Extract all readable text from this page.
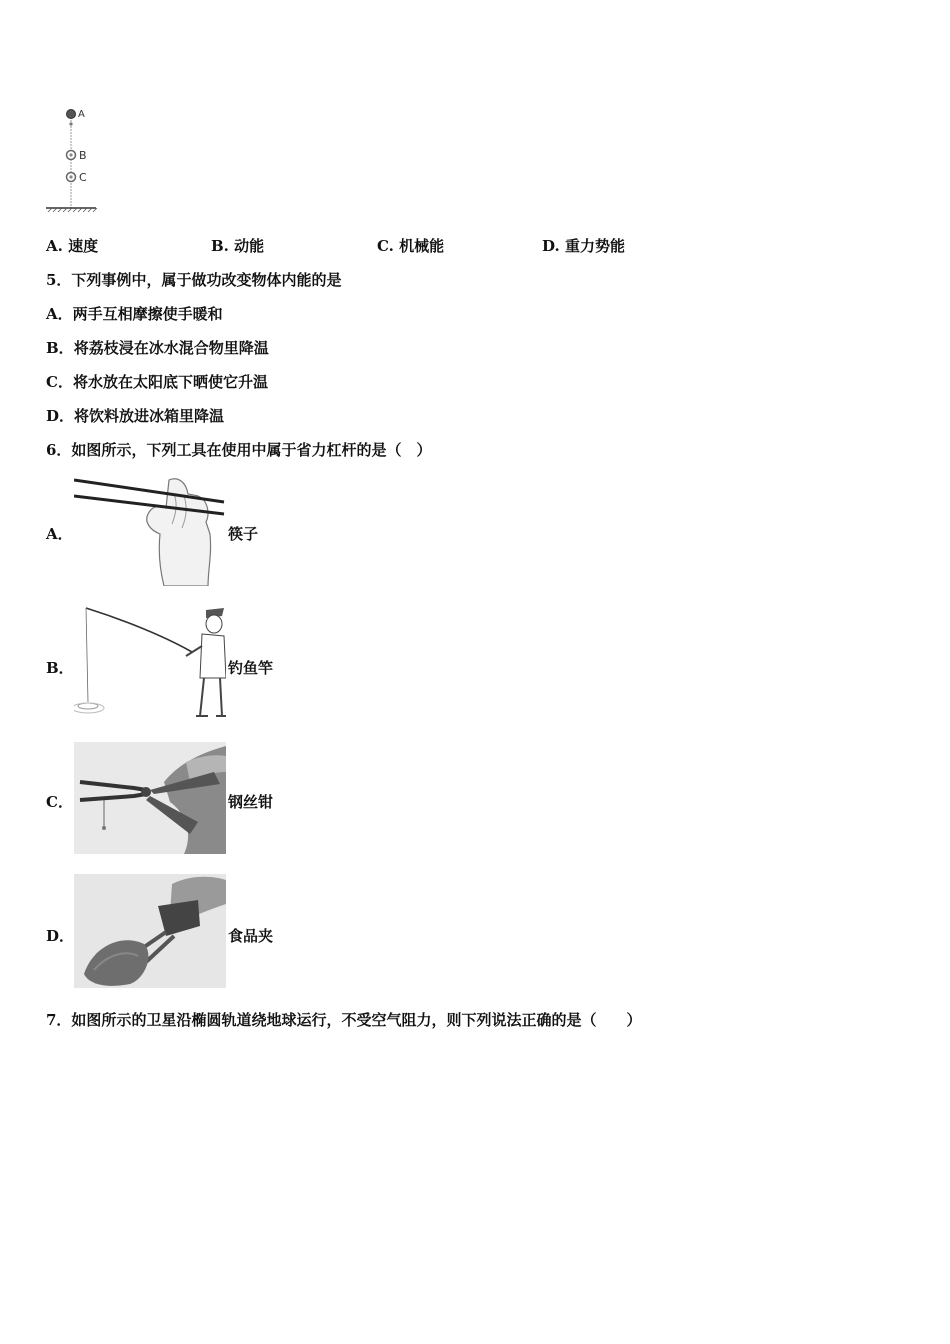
A
B
C
A. 速度	B. 动能	C. 机械能	D. 重力势能
5．下列事例中，属于做功改变物体内能的是
A．两手互相摩擦使手暖和
B．将荔枝浸在冰水混合物里降温
C．将水放在太阳底下晒使它升温
D．将饮料放进冰箱里降温
6．如图所示，下列工具在使用中属于省力杠杆的是（　）
A．	筷子
B．	钓鱼竿
C．	钢丝钳
D．	食品夹
7．如图所示的卫星沿椭圆轨道绕地球运行，不受空气阻力，则下列说法正确的是（　　）
